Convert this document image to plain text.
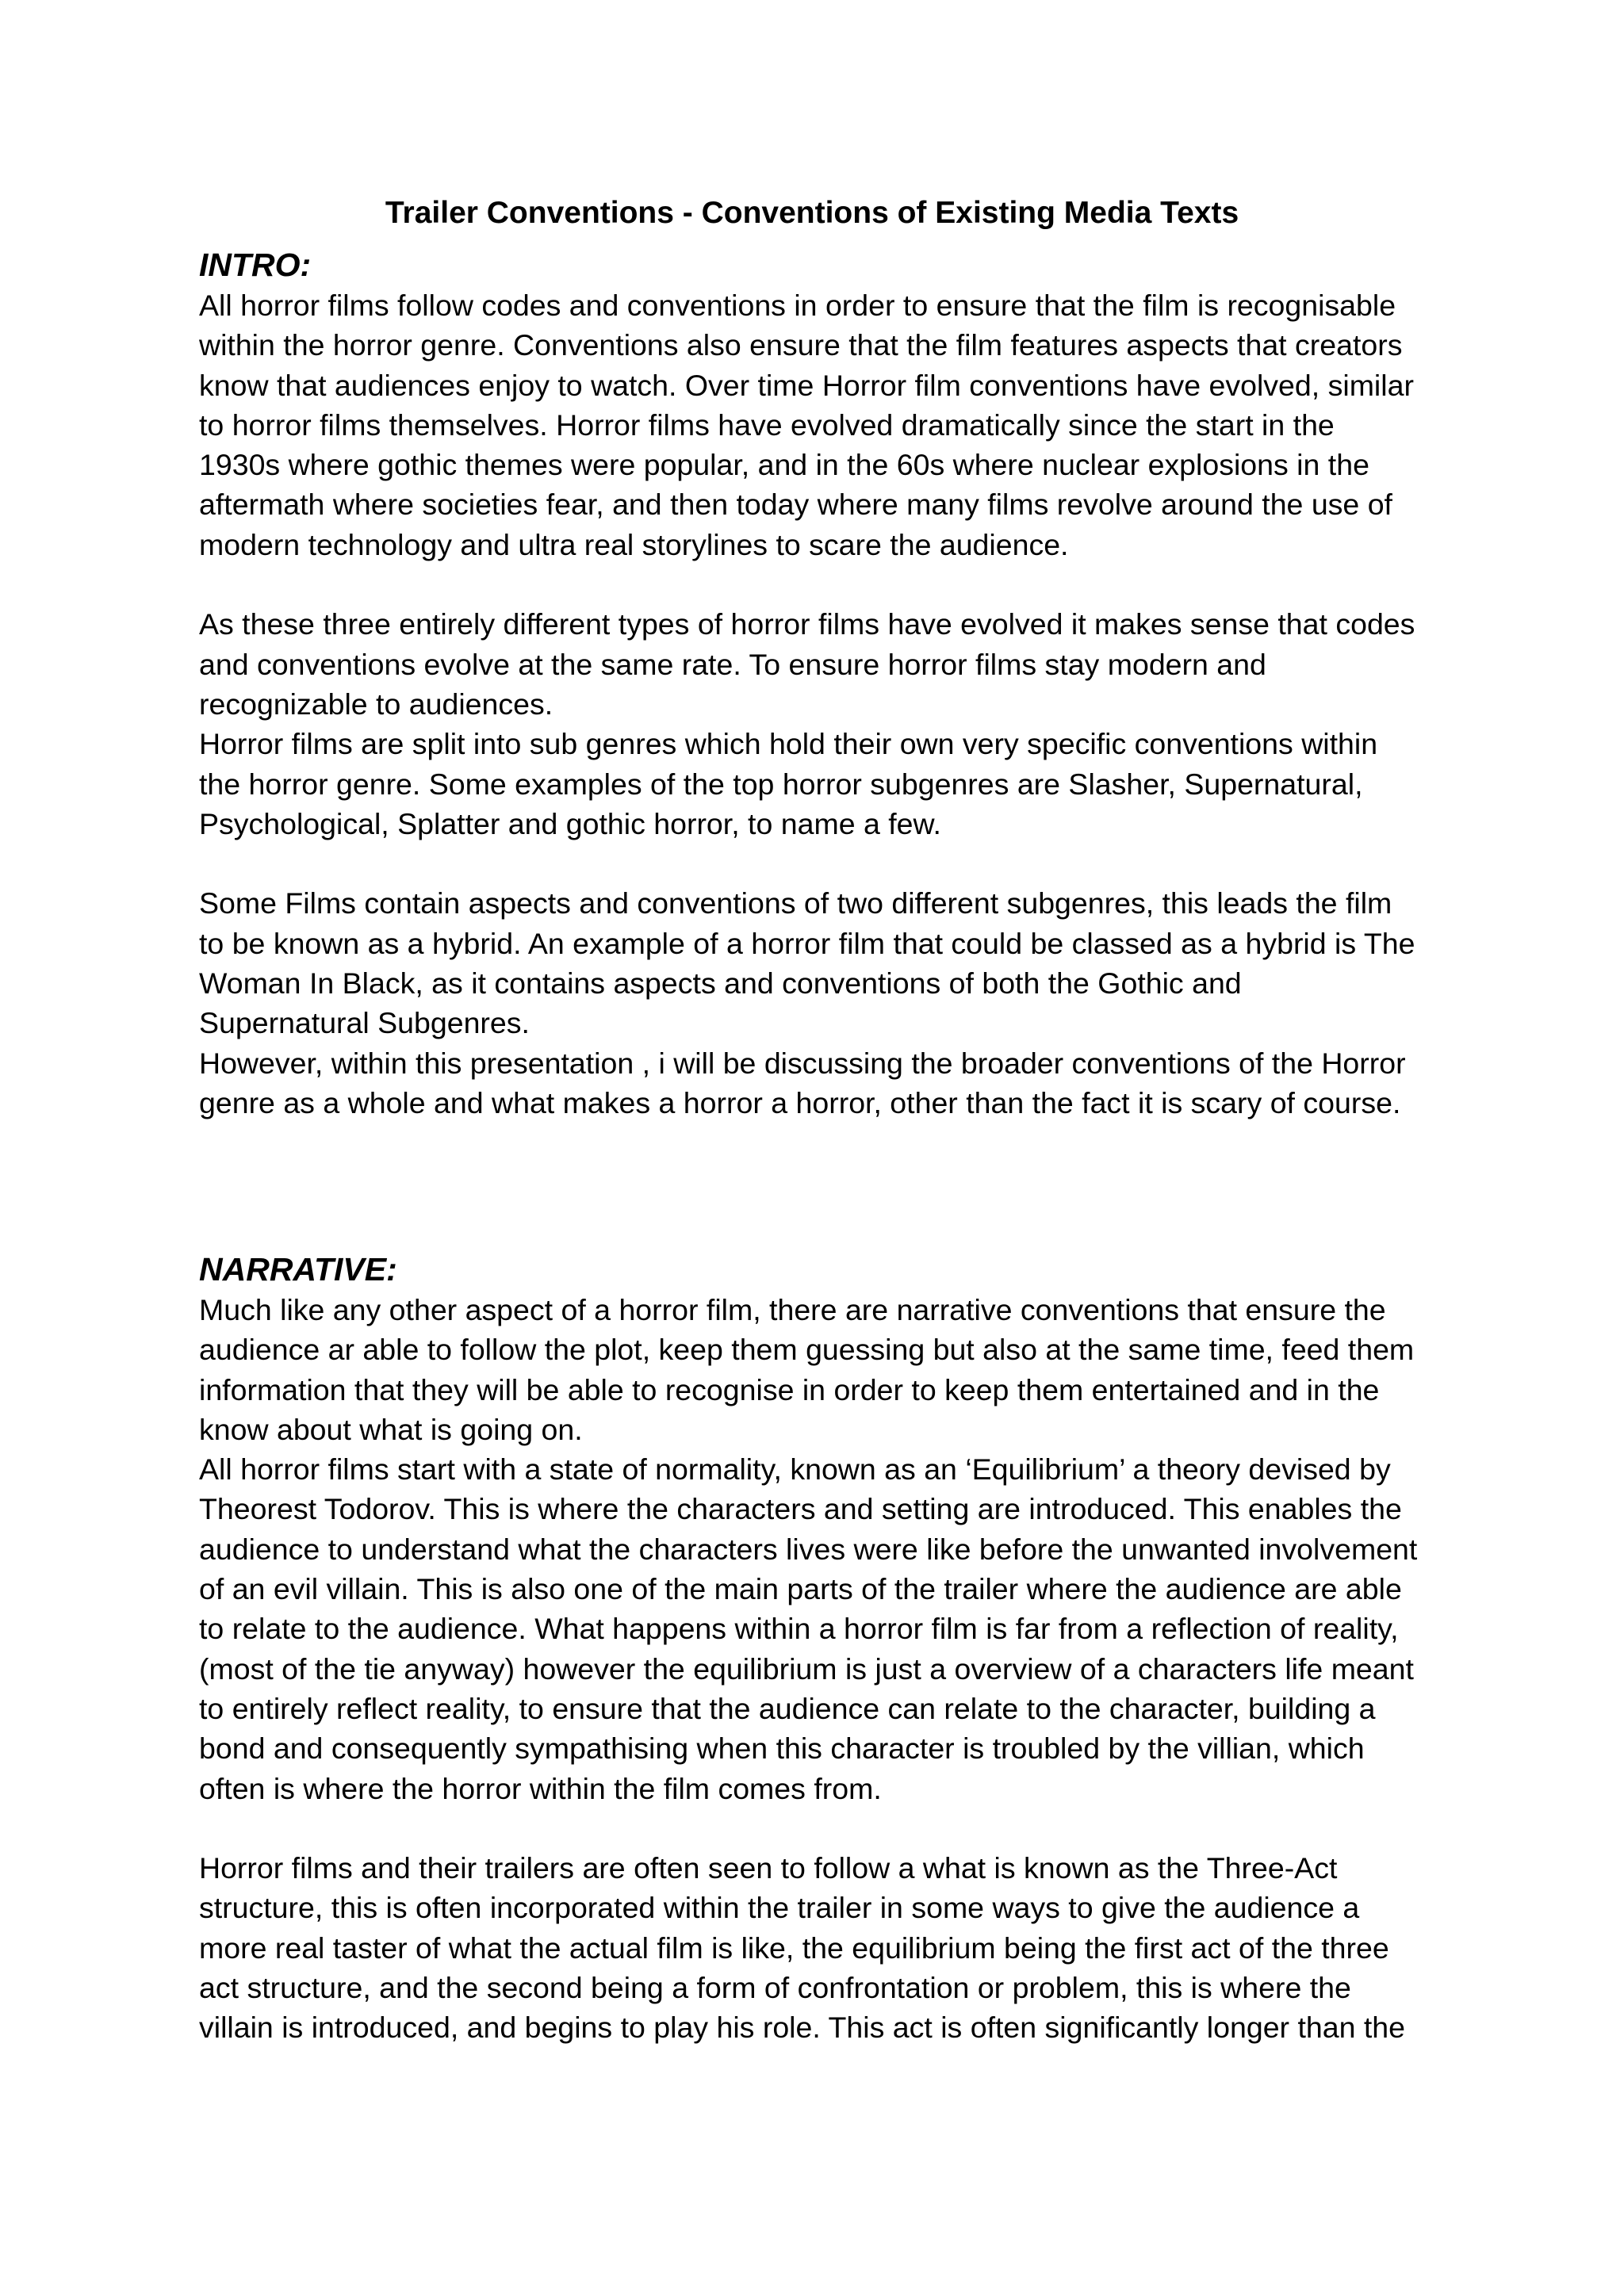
Trailer Conventions - Conventions of Existing Media Texts
INTRO:
All horror films follow codes and conventions in order to ensure that the film is recognisable
within the horror genre. Conventions also ensure that the film features aspects that creators
know that audiences enjoy to watch. Over time Horror film conventions have evolved, similar
to horror films themselves. Horror films have evolved dramatically since the start in the
1930s where gothic themes were popular, and in the 60s where nuclear explosions in the
aftermath where societies fear, and then today where many films revolve around the use of
modern technology and ultra real storylines to scare the audience.
As these three entirely different types of horror films have evolved it makes sense that codes
and conventions evolve at the same rate. To ensure horror films stay modern and
recognizable to audiences.
Horror films are split into sub genres which hold their own very specific conventions within
the horror genre. Some examples of the top horror subgenres are Slasher, Supernatural,
Psychological, Splatter and gothic horror, to name a few.
Some Films contain aspects and conventions of two different subgenres, this leads the film
to be known as a hybrid. An example of a horror film that could be classed as a hybrid is The
Woman In Black, as it contains aspects and conventions of both the Gothic and
Supernatural Subgenres.
However, within this presentation , i will be discussing the broader conventions of the Horror
genre as a whole and what makes a horror a horror, other than the fact it is scary of course.
NARRATIVE:
Much like any other aspect of a horror film, there are narrative conventions that ensure the
audience ar able to follow the plot, keep them guessing but also at the same time, feed them
information that they will be able to recognise in order to keep them entertained and in the
know about what is going on.
All horror films start with a state of normality, known as an ‘Equilibrium’ a theory devised by
Theorest Todorov. This is where the characters and setting are introduced. This enables the
audience to understand what the characters lives were like before the unwanted involvement
of an evil villain. This is also one of the main parts of the trailer where the audience are able
to relate to the audience. What happens within a horror film is far from a reflection of reality,
(most of the tie anyway) however the equilibrium is just a overview of a characters life meant
to entirely reflect reality, to ensure that the audience can relate to the character, building a
bond and consequently sympathising when this character is troubled by the villian, which
often is where the horror within the film comes from.
Horror films and their trailers are often seen to follow a what is known as the Three-Act
structure, this is often incorporated within the trailer in some ways to give the audience a
more real taster of what the actual film is like, the equilibrium being the first act of the three
act structure, and the second being a form of confrontation or problem, this is where the
villain is introduced, and begins to play his role. This act is often significantly longer than the
